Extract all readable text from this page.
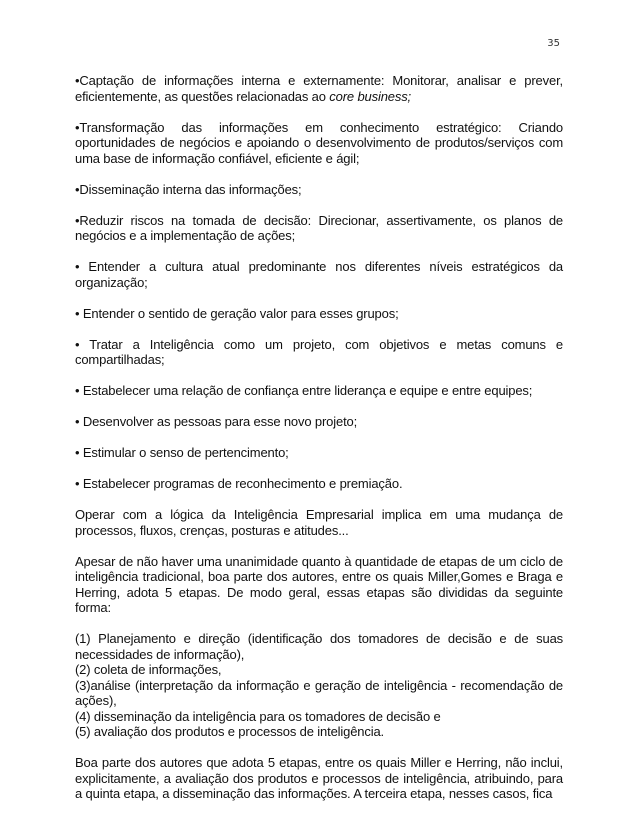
35

•Captação de informações interna e externamente: Monitorar, analisar e prever, eficientemente, as questões relacionadas ao core business;

•Transformação das informações em conhecimento estratégico: Criando oportunidades de negócios e apoiando o desenvolvimento de produtos/serviços com uma base de informação confiável, eficiente e ágil;

•Disseminação interna das informações;

•Reduzir riscos na tomada de decisão: Direcionar, assertivamente, os planos de negócios e a implementação de ações;

• Entender a cultura atual predominante nos diferentes níveis estratégicos da organização;

• Entender o sentido de geração valor para esses grupos;

• Tratar a Inteligência como um projeto, com objetivos e metas comuns e compartilhadas;

• Estabelecer uma relação de confiança entre liderança e equipe e entre equipes;

• Desenvolver as pessoas para esse novo projeto;

• Estimular o senso de pertencimento;

• Estabelecer programas de reconhecimento e premiação.

Operar com a lógica da Inteligência Empresarial implica em uma mudança de processos, fluxos, crenças, posturas e atitudes...

Apesar de não haver uma unanimidade quanto à quantidade de etapas de um ciclo de inteligência tradicional, boa parte dos autores, entre os quais Miller,Gomes e Braga e Herring, adota 5 etapas. De modo geral, essas etapas são divididas da seguinte forma:

(1) Planejamento e direção (identificação dos tomadores de decisão e de suas necessidades de informação),

(2) coleta de informações,

(3)análise (interpretação da informação e geração de inteligência - recomendação de ações),

(4) disseminação da inteligência para os tomadores de decisão e

(5) avaliação dos produtos e processos de inteligência.

Boa parte dos autores que adota 5 etapas, entre os quais Miller e Herring, não inclui, explicitamente, a avaliação dos produtos e processos de inteligência, atribuindo, para a quinta etapa, a disseminação das informações. A terceira etapa, nesses casos, fica
